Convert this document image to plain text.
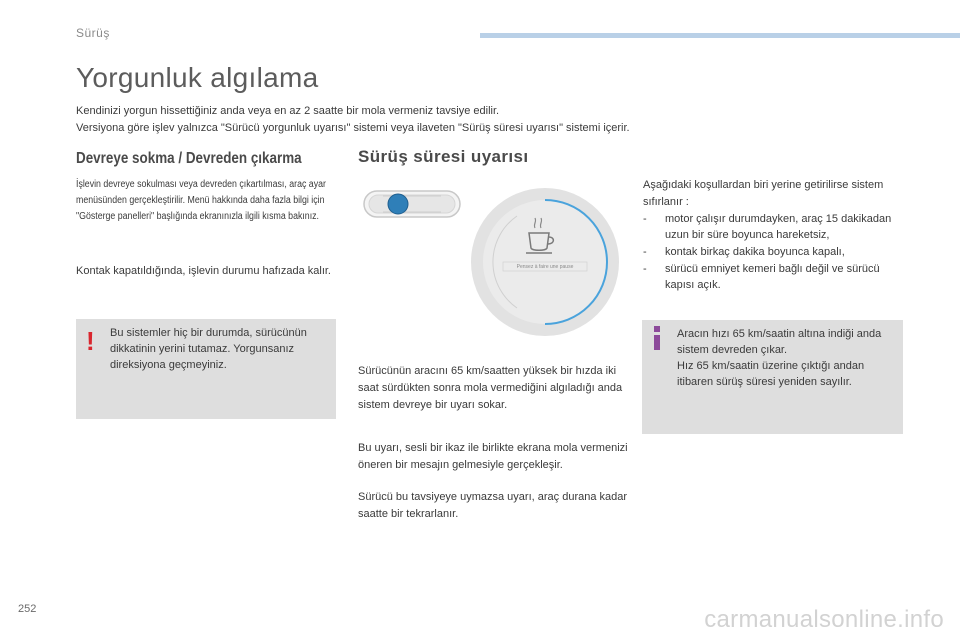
Sürüş
Yorgunluk algılama
Kendinizi yorgun hissettiğiniz anda veya en az 2 saatte bir mola vermeniz tavsiye edilir.
Versiyona göre işlev yalnızca "Sürücü yorgunluk uyarısı" sistemi veya ilaveten "Sürüş süresi uyarısı" sistemi içerir.
Devreye sokma / Devreden çıkarma

İşlevin devreye sokulması veya devreden çıkartılması, araç ayar menüsünden gerçekleştirilir. Menü hakkında daha fazla bilgi için "Gösterge panelleri" başlığında ekranınızla ilgili kısma bakınız.

Kontak kapatıldığında, işlevin durumu hafızada kalır.

! Bu sistemler hiç bir durumda, sürücünün dikkatinin yerini tutamaz. Yorgunsanız direksiyona geçmeyiniz.

Sürüş süresi uyarısı
Pensez à faire une pause

Sürücünün aracını 65 km/saatten yüksek bir hızda iki saat sürdükten sonra mola vermediğini algıladığı anda sistem devreye bir uyarı sokar.

Bu uyarı, sesli bir ikaz ile birlikte ekrana mola vermenizi öneren bir mesajın gelmesiyle gerçekleşir.

Sürücü bu tavsiyeye uymazsa uyarı, araç durana kadar saatte bir tekrarlanır.

Aşağıdaki koşullardan biri yerine getirilirse sistem sıfırlanır :

- motor çalışır durumdayken, araç 15 dakikadan uzun bir süre boyunca hareketsiz,
- kontak birkaç dakika boyunca kapalı,
- sürücü emniyet kemeri bağlı değil ve sürücü kapısı açık.
Aracın hızı 65 km/saatin altına indiği anda sistem devreden çıkar.
Hız 65 km/saatin üzerine çıktığı andan itibaren sürüş süresi yeniden sayılır.
252	carmanualsonline.info
